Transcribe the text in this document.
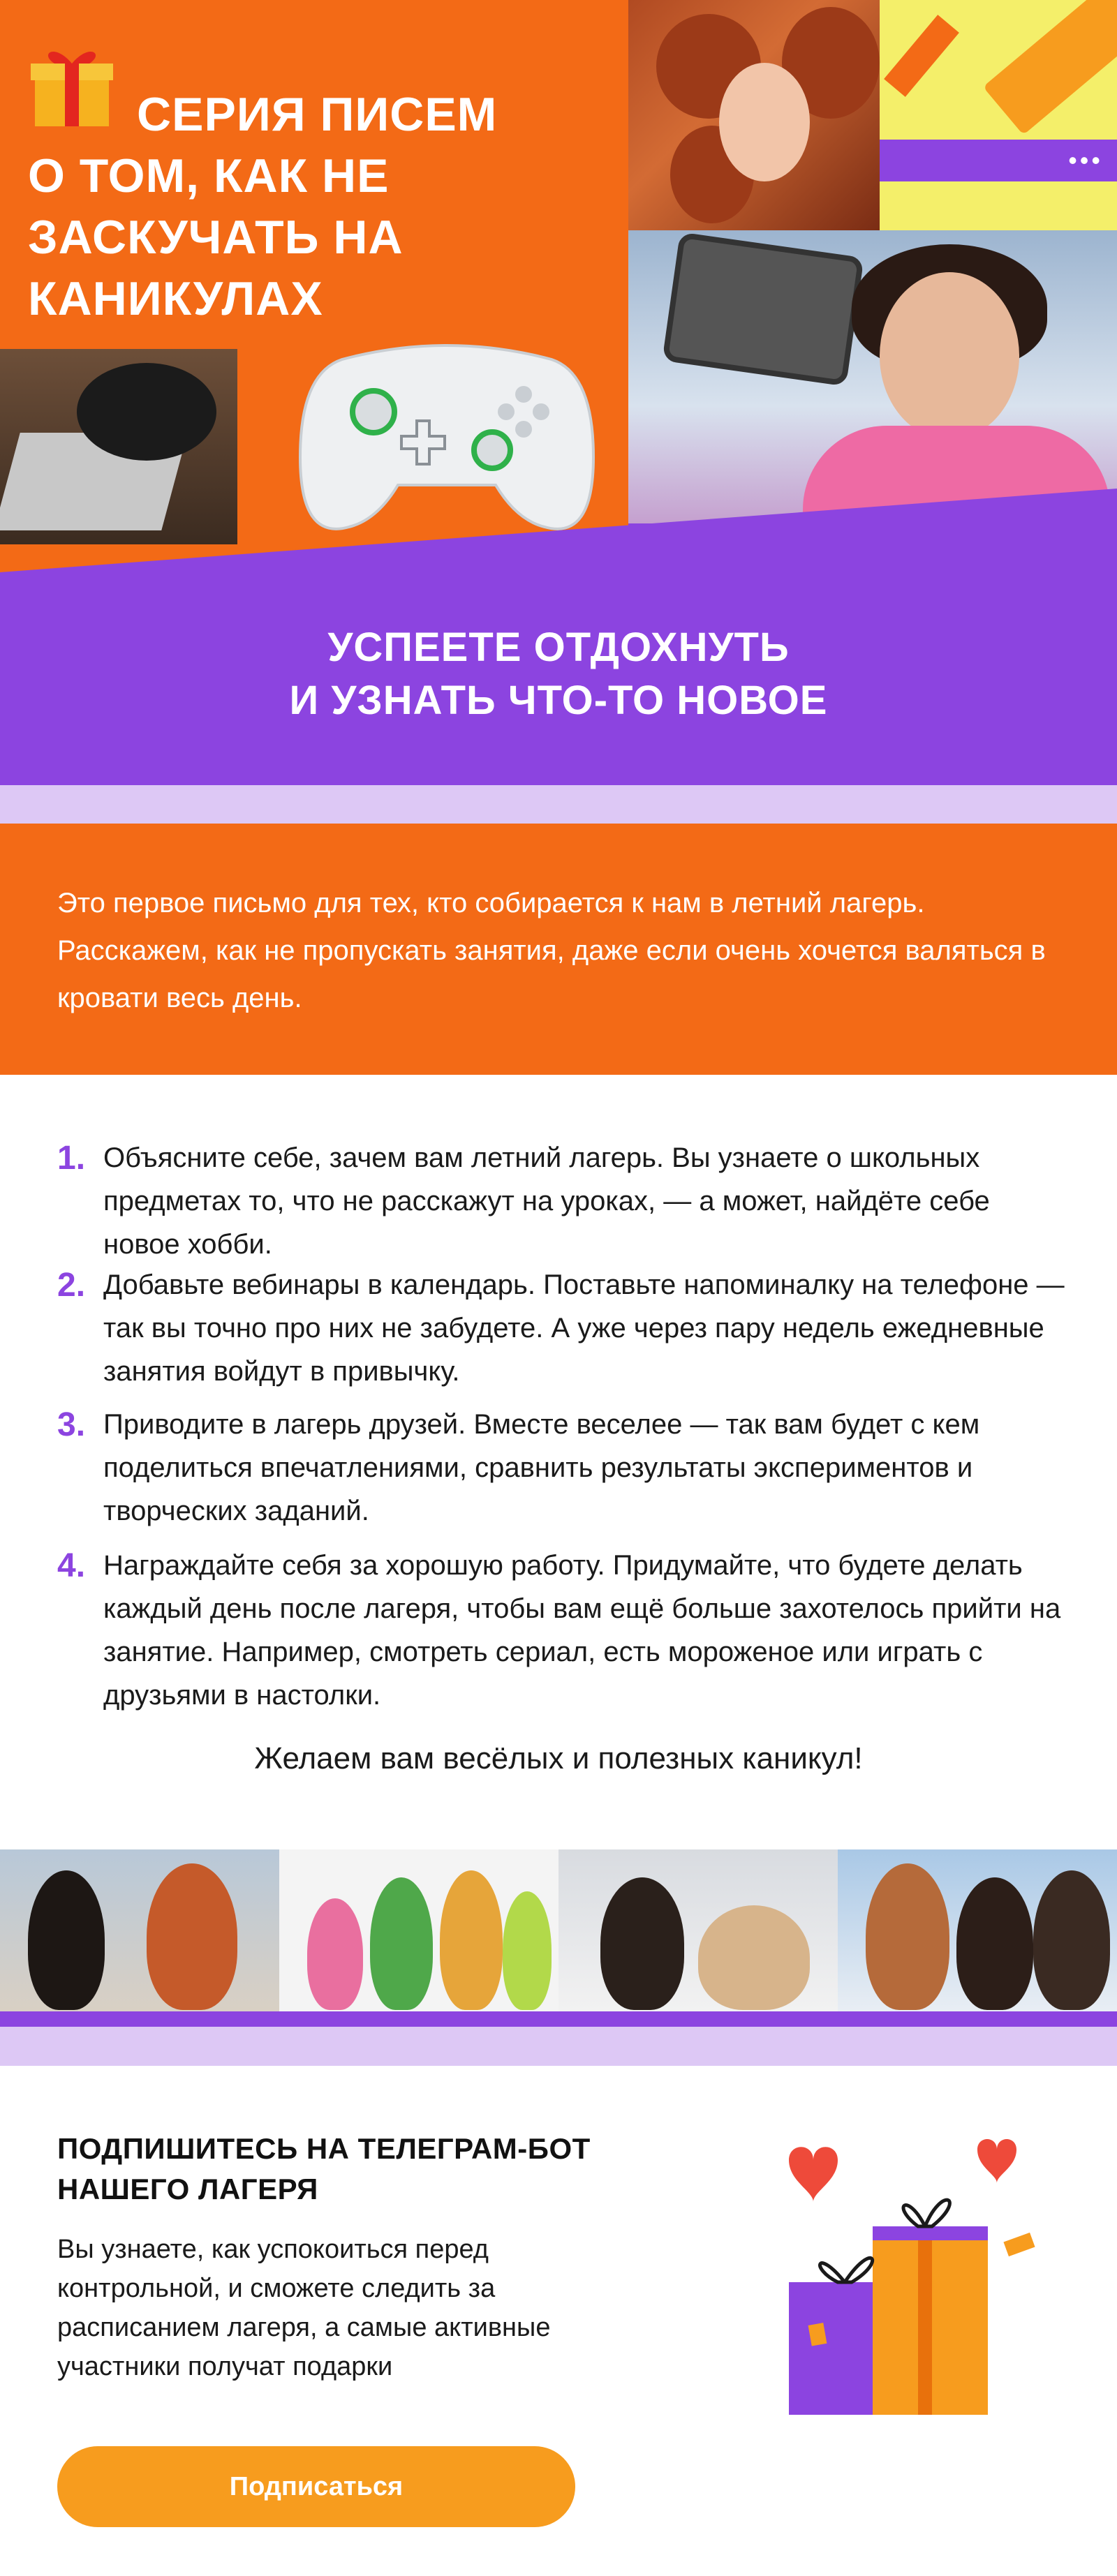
•••
СЕРИЯ ПИСЕМ
О ТОМ, КАК НЕ
ЗАСКУЧАТЬ НА
КАНИКУЛАХ
УСПЕЕТЕ ОТДОХНУТЬ
И УЗНАТЬ ЧТО-ТО НОВОЕ

Это первое письмо для тех, кто собирается к нам в летний лагерь. Расскажем, как не пропускать занятия, даже если очень хочется валяться в кровати весь день.

1. Объясните себе, зачем вам летний лагерь. Вы узнаете о школьных предметах то, что не расскажут на уроках, — а может, найдёте себе новое хобби.

2. Добавьте вебинары в календарь. Поставьте напоминалку на телефоне — так вы точно про них не забудете. А уже через пару недель ежедневные занятия войдут в привычку.

3. Приводите в лагерь друзей. Вместе веселее — так вам будет с кем поделиться впечатлениями, сравнить результаты экспериментов и творческих заданий.

4. Награждайте себя за хорошую работу. Придумайте, что будете делать каждый день после лагеря, чтобы вам ещё больше захотелось прийти на занятие. Например, смотреть сериал, есть мороженое или играть с друзьями в настолки.

Желаем вам весёлых и полезных каникул!

ПОДПИШИТЕСЬ НА ТЕЛЕГРАМ-БОТ
НАШЕГО ЛАГЕРЯ

Вы узнаете, как успокоиться перед
контрольной, и сможете следить за
расписанием лагеря, а самые активные
участники получат подарки

Подписаться
